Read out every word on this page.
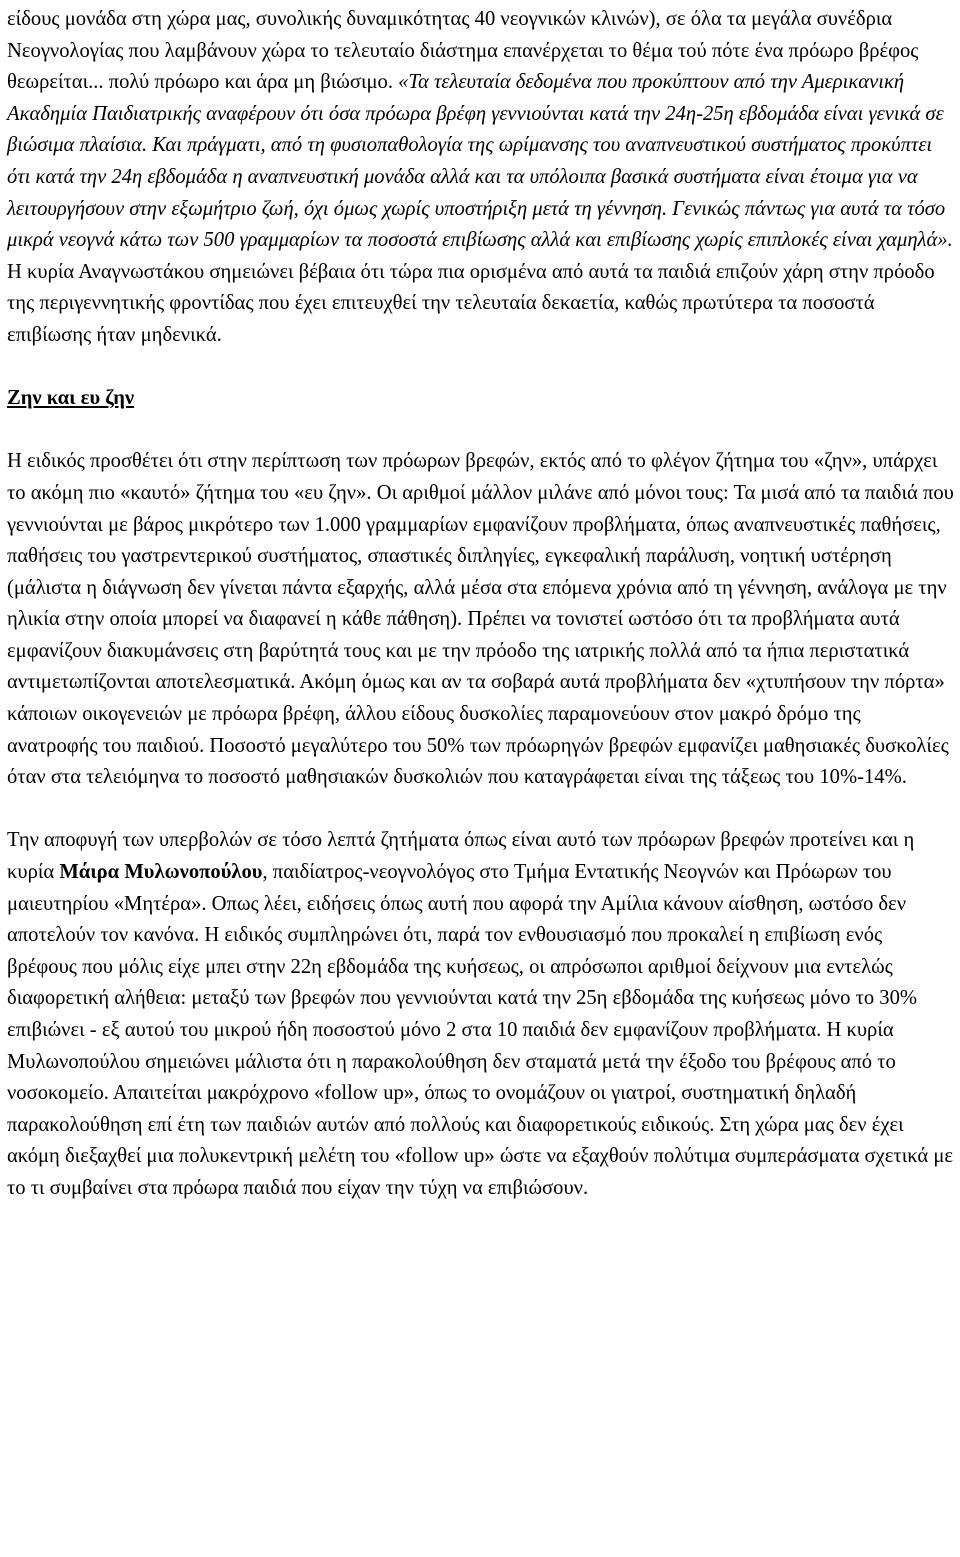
είδους μονάδα στη χώρα μας, συνολικής δυναμικότητας 40 νεογνικών κλινών), σε όλα τα μεγάλα συνέδρια Νεογνολογίας που λαμβάνουν χώρα το τελευταίο διάστημα επανέρχεται το θέμα τού πότε ένα πρόωρο βρέφος θεωρείται... πολύ πρόωρο και άρα μη βιώσιμο. «Τα τελευταία δεδομένα που προκύπτουν από την Αμερικανική Ακαδημία Παιδιατρικής αναφέρουν ότι όσα πρόωρα βρέφη γεννιούνται κατά την 24η-25η εβδομάδα είναι γενικά σε βιώσιμα πλαίσια. Και πράγματι, από τη φυσιοπαθολογία της ωρίμανσης του αναπνευστικού συστήματος προκύπτει ότι κατά την 24η εβδομάδα η αναπνευστική μονάδα αλλά και τα υπόλοιπα βασικά συστήματα είναι έτοιμα για να λειτουργήσουν στην εξωμήτριο ζωή, όχι όμως χωρίς υποστήριξη μετά τη γέννηση. Γενικώς πάντως για αυτά τα τόσο μικρά νεογνά κάτω των 500 γραμμαρίων τα ποσοστά επιβίωσης αλλά και επιβίωσης χωρίς επιπλοκές είναι χαμηλά». Η κυρία Αναγνωστάκου σημειώνει βέβαια ότι τώρα πια ορισμένα από αυτά τα παιδιά επιζούν χάρη στην πρόοδο της περιγεννητικής φροντίδας που έχει επιτευχθεί την τελευταία δεκαετία, καθώς πρωτύτερα τα ποσοστά επιβίωσης ήταν μηδενικά.

Ζην και ευ ζην

Η ειδικός προσθέτει ότι στην περίπτωση των πρόωρων βρεφών, εκτός από το φλέγον ζήτημα του «ζην», υπάρχει το ακόμη πιο «καυτό» ζήτημα του «ευ ζην». Οι αριθμοί μάλλον μιλάνε από μόνοι τους: Τα μισά από τα παιδιά που γεννιούνται με βάρος μικρότερο των 1.000 γραμμαρίων εμφανίζουν προβλήματα, όπως αναπνευστικές παθήσεις, παθήσεις του γαστρεντερικού συστήματος, σπαστικές διπληγίες, εγκεφαλική παράλυση, νοητική υστέρηση (μάλιστα η διάγνωση δεν γίνεται πάντα εξαρχής, αλλά μέσα στα επόμενα χρόνια από τη γέννηση, ανάλογα με την ηλικία στην οποία μπορεί να διαφανεί η κάθε πάθηση). Πρέπει να τονιστεί ωστόσο ότι τα προβλήματα αυτά εμφανίζουν διακυμάνσεις στη βαρύτητά τους και με την πρόοδο της ιατρικής πολλά από τα ήπια περιστατικά αντιμετωπίζονται αποτελεσματικά. Ακόμη όμως και αν τα σοβαρά αυτά προβλήματα δεν «χτυπήσουν την πόρτα» κάποιων οικογενειών με πρόωρα βρέφη, άλλου είδους δυσκολίες παραμονεύουν στον μακρό δρόμο της ανατροφής του παιδιού. Ποσοστό μεγαλύτερο του 50% των πρόωρηγών βρεφών εμφανίζει μαθησιακές δυσκολίες όταν στα τελειόμηνα το ποσοστό μαθησιακών δυσκολιών που καταγράφεται είναι της τάξεως του 10%-14%.

Την αποφυγή των υπερβολών σε τόσο λεπτά ζητήματα όπως είναι αυτό των πρόωρων βρεφών προτείνει και η κυρία Μάιρα Μυλωνοπούλου, παιδίατρος-νεογνολόγος στο Τμήμα Εντατικής Νεογνών και Πρόωρων του μαιευτηρίου «Μητέρα». Οπως λέει, ειδήσεις όπως αυτή που αφορά την Αμίλια κάνουν αίσθηση, ωστόσο δεν αποτελούν τον κανόνα. Η ειδικός συμπληρώνει ότι, παρά τον ενθουσιασμό που προκαλεί η επιβίωση ενός βρέφους που μόλις είχε μπει στην 22η εβδομάδα της κυήσεως, οι απρόσωποι αριθμοί δείχνουν μια εντελώς διαφορετική αλήθεια: μεταξύ των βρεφών που γεννιούνται κατά την 25η εβδομάδα της κυήσεως μόνο το 30% επιβιώνει - εξ αυτού του μικρού ήδη ποσοστού μόνο 2 στα 10 παιδιά δεν εμφανίζουν προβλήματα. Η κυρία Μυλωνοπούλου σημειώνει μάλιστα ότι η παρακολούθηση δεν σταματά μετά την έξοδο του βρέφους από το νοσοκομείο. Απαιτείται μακρόχρονο «follow up», όπως το ονομάζουν οι γιατροί, συστηματική δηλαδή παρακολούθηση επί έτη των παιδιών αυτών από πολλούς και διαφορετικούς ειδικούς. Στη χώρα μας δεν έχει ακόμη διεξαχθεί μια πολυκεντρική μελέτη του «follow up» ώστε να εξαχθούν πολύτιμα συμπεράσματα σχετικά με το τι συμβαίνει στα πρόωρα παιδιά που είχαν την τύχη να επιβιώσουν.
